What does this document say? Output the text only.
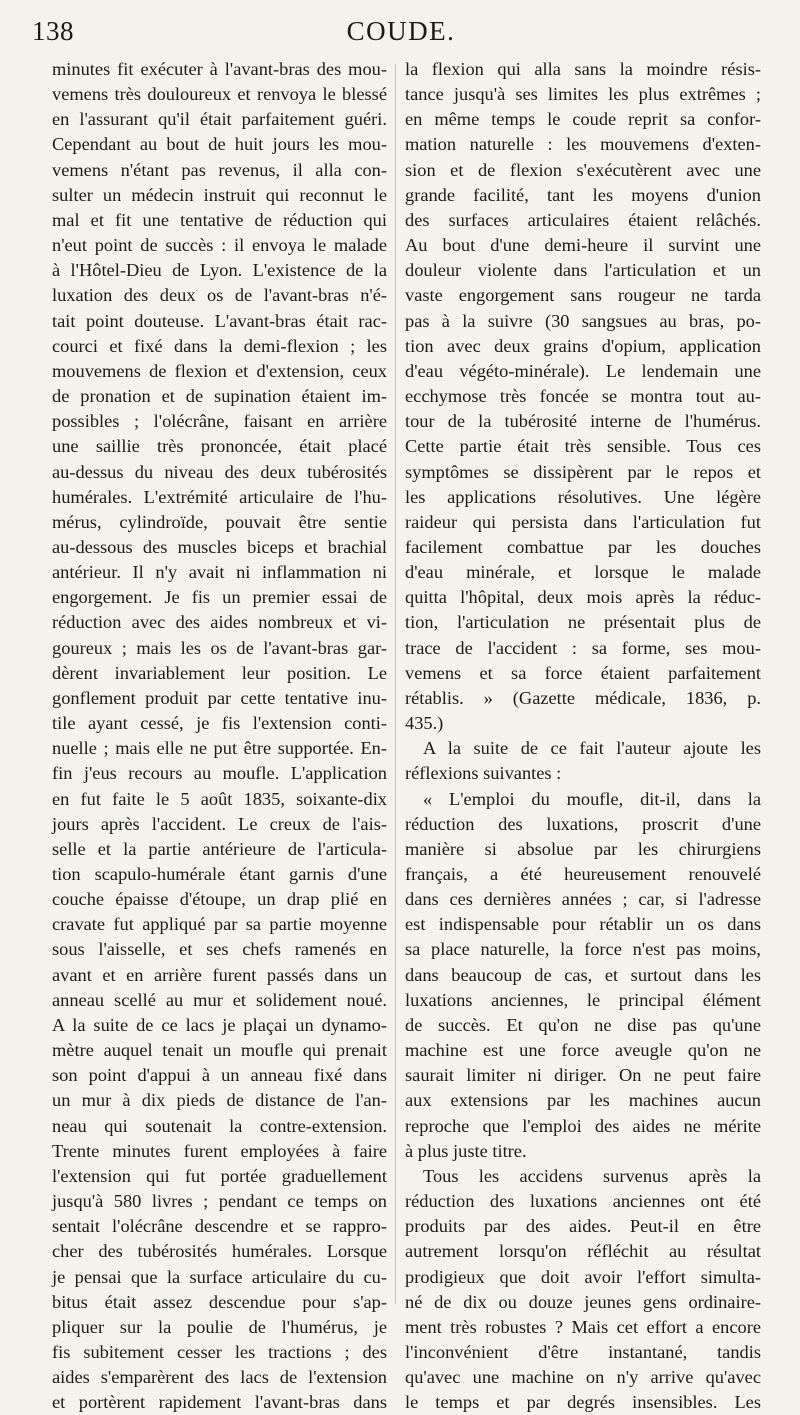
138	COUDE.

minutes fit exécuter à l'avant-bras des mou-

vemens très douloureux et renvoya le blessé

en l'assurant qu'il était parfaitement guéri.

Cependant au bout de huit jours les mou-

vemens n'étant pas revenus, il alla con-

sulter un médecin instruit qui reconnut le

mal et fit une tentative de réduction qui

n'eut point de succès : il envoya le malade

à l'Hôtel-Dieu de Lyon. L'existence de la

luxation des deux os de l'avant-bras n'é-

tait point douteuse. L'avant-bras était rac-

courci et fixé dans la demi-flexion ; les

mouvemens de flexion et d'extension, ceux

de pronation et de supination étaient im-

possibles ; l'olécrâne, faisant en arrière

une saillie très prononcée, était placé

au-dessus du niveau des deux tubérosités

humérales. L'extrémité articulaire de l'hu-

mérus, cylindroïde, pouvait être sentie

au-dessous des muscles biceps et brachial

antérieur. Il n'y avait ni inflammation ni

engorgement. Je fis un premier essai de

réduction avec des aides nombreux et vi-

goureux ; mais les os de l'avant-bras gar-

dèrent invariablement leur position. Le

gonflement produit par cette tentative inu-

tile ayant cessé, je fis l'extension conti-

nuelle ; mais elle ne put être supportée. En-

fin j'eus recours au moufle. L'application

en fut faite le 5 août 1835, soixante-dix

jours après l'accident. Le creux de l'ais-

selle et la partie antérieure de l'articula-

tion scapulo-humérale étant garnis d'une

couche épaisse d'étoupe, un drap plié en

cravate fut appliqué par sa partie moyenne

sous l'aisselle, et ses chefs ramenés en

avant et en arrière furent passés dans un

anneau scellé au mur et solidement noué.

A la suite de ce lacs je plaçai un dynamo-

mètre auquel tenait un moufle qui prenait

son point d'appui à un anneau fixé dans

un mur à dix pieds de distance de l'an-

neau qui soutenait la contre-extension.

Trente minutes furent employées à faire

l'extension qui fut portée graduellement

jusqu'à 580 livres ; pendant ce temps on

sentait l'olécrâne descendre et se rappro-

cher des tubérosités humérales. Lorsque

je pensai que la surface articulaire du cu-

bitus était assez descendue pour s'ap-

pliquer sur la poulie de l'humérus, je

fis subitement cesser les tractions ; des

aides s'emparèrent des lacs de l'extension

et portèrent rapidement l'avant-bras dans

la flexion qui alla sans la moindre résis-

tance jusqu'à ses limites les plus extrêmes ;

en même temps le coude reprit sa confor-

mation naturelle : les mouvemens d'exten-

sion et de flexion s'exécutèrent avec une

grande facilité, tant les moyens d'union

des surfaces articulaires étaient relâchés.

Au bout d'une demi-heure il survint une

douleur violente dans l'articulation et un

vaste engorgement sans rougeur ne tarda

pas à la suivre (30 sangsues au bras, po-

tion avec deux grains d'opium, application

d'eau végéto-minérale). Le lendemain une

ecchymose très foncée se montra tout au-

tour de la tubérosité interne de l'humérus.

Cette partie était très sensible. Tous ces

symptômes se dissipèrent par le repos et

les applications résolutives. Une légère

raideur qui persista dans l'articulation fut

facilement combattue par les douches

d'eau minérale, et lorsque le malade

quitta l'hôpital, deux mois après la réduc-

tion, l'articulation ne présentait plus de

trace de l'accident : sa forme, ses mou-

vemens et sa force étaient parfaitement

rétablis. » (Gazette médicale, 1836, p.

435.)

A la suite de ce fait l'auteur ajoute les

réflexions suivantes :

« L'emploi du moufle, dit-il, dans la

réduction des luxations, proscrit d'une

manière si absolue par les chirurgiens

français, a été heureusement renouvelé

dans ces dernières années ; car, si l'adresse

est indispensable pour rétablir un os dans

sa place naturelle, la force n'est pas moins,

dans beaucoup de cas, et surtout dans les

luxations anciennes, le principal élément

de succès. Et qu'on ne dise pas qu'une

machine est une force aveugle qu'on ne

saurait limiter ni diriger. On ne peut faire

aux extensions par les machines aucun

reproche que l'emploi des aides ne mérite

à plus juste titre.

Tous les accidens survenus après la

réduction des luxations anciennes ont été

produits par des aides. Peut-il en être

autrement lorsqu'on réfléchit au résultat

prodigieux que doit avoir l'effort simulta-

né de dix ou douze jeunes gens ordinaire-

ment très robustes ? Mais cet effort a encore

l'inconvénient d'être instantané, tandis

qu'avec une machine on n'y arrive qu'avec

le temps et par degrés insensibles. Les
